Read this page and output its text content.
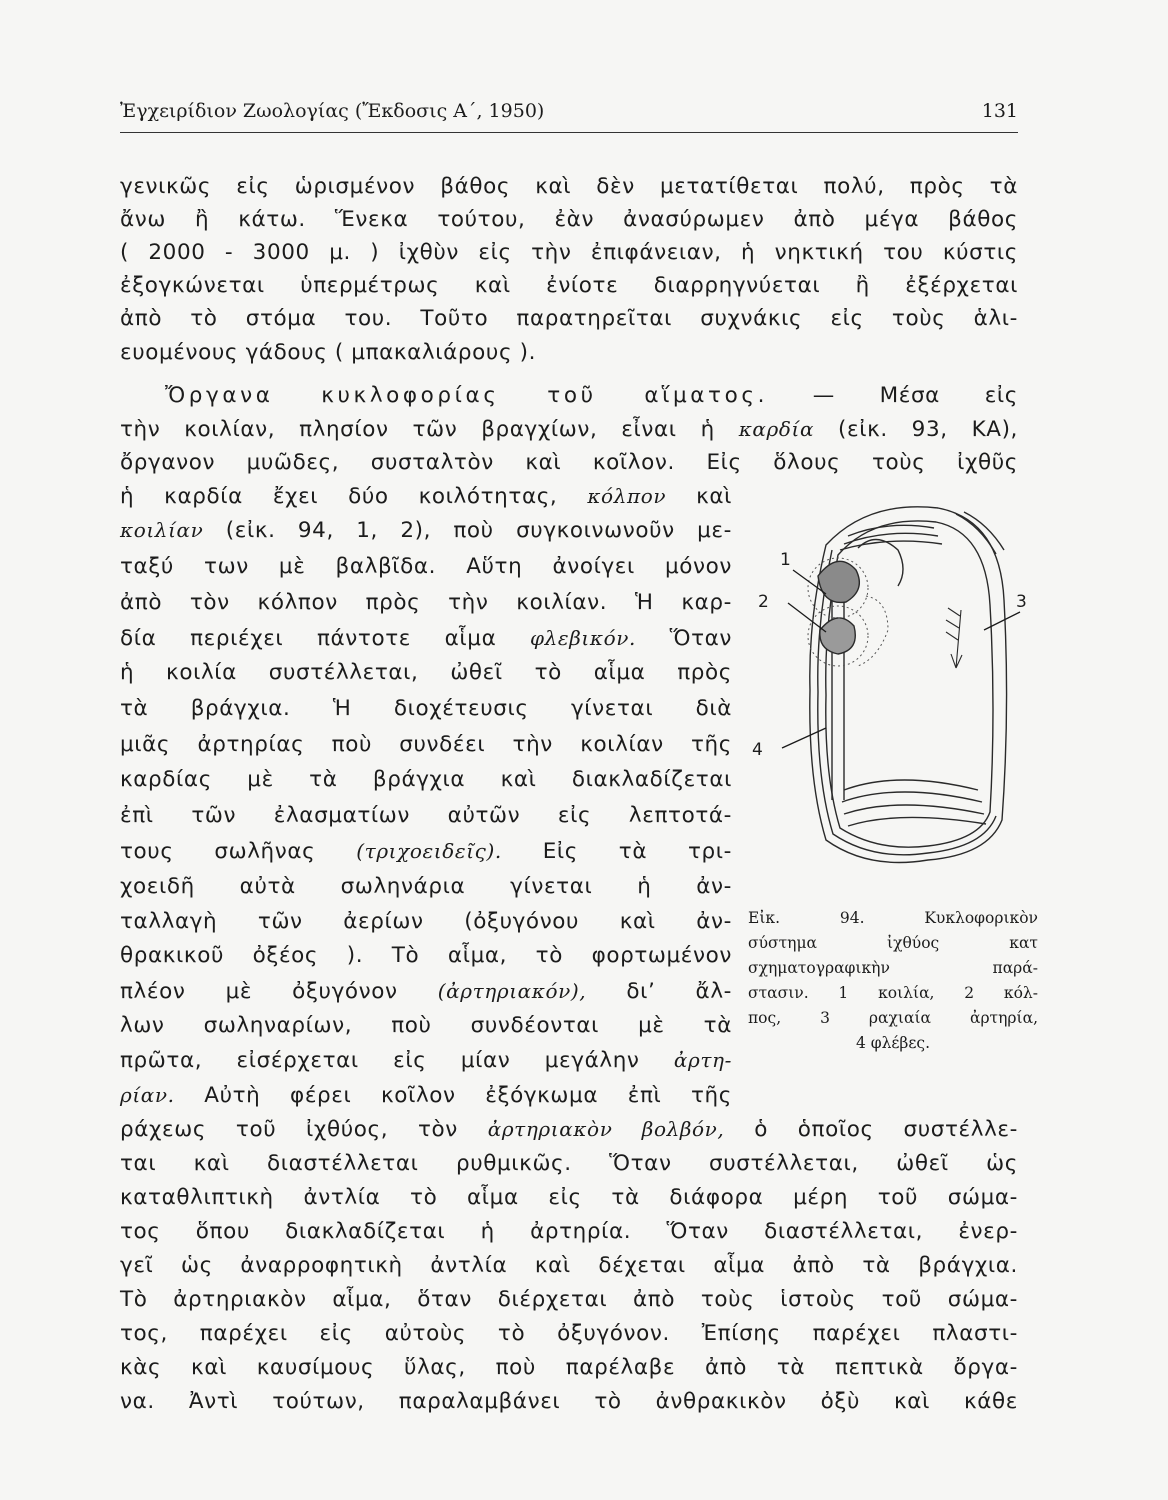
Ἐγχειρίδιον Ζωολογίας (Ἔκδοσις Α΄, 1950)	131
γενικῶς εἰς ὡρισμένον βάθος καὶ δὲν μετατίθεται πολύ, πρὸς τὰ
ἄνω ἢ κάτω. Ἕνεκα τούτου, ἐὰν ἀνασύρωμεν ἀπὸ μέγα βάθος
( 2000 - 3000 μ. ) ἰχθὺν εἰς τὴν ἐπιφάνειαν, ἡ νηκτική του κύστις
ἐξογκώνεται ὑπερμέτρως καὶ ἐνίοτε διαρρηγνύεται ἢ ἐξέρχεται
ἀπὸ τὸ στόμα του. Τοῦτο παρατηρεῖται συχνάκις εἰς τοὺς ἁλι-
ευομένους γάδους ( μπακαλιάρους ).
Ὄργανα κυκλοφορίας τοῦ αἵματος. — Μέσα εἰς
τὴν κοιλίαν, πλησίον τῶν βραγχίων, εἶναι ἡ καρδία (εἰκ. 93, ΚΑ),
ὄργανον μυῶδες, συσταλτὸν καὶ κοῖλον. Εἰς ὅλους τοὺς ἰχθῦς
ἡ καρδία ἔχει δύο κοιλότητας, κόλπον καὶ
κοιλίαν (εἰκ. 94, 1, 2), ποὺ συγκοινωνοῦν με-
ταξύ των μὲ βαλβῖδα. Αὕτη ἀνοίγει μόνον
ἀπὸ τὸν κόλπον πρὸς τὴν κοιλίαν. Ἡ καρ-
δία περιέχει πάντοτε αἷμα φλεβικόν. Ὅταν
ἡ κοιλία συστέλλεται, ὠθεῖ τὸ αἷμα πρὸς
τὰ βράγχια. Ἡ διοχέτευσις γίνεται διὰ
μιᾶς ἀρτηρίας ποὺ συνδέει τὴν κοιλίαν τῆς
καρδίας μὲ τὰ βράγχια καὶ διακλαδίζεται
ἐπὶ τῶν ἐλασματίων αὐτῶν εἰς λεπτοτά-
τους σωλῆνας (τριχοειδεῖς). Εἰς τὰ τρι-
χοειδῆ αὐτὰ σωληνάρια γίνεται ἡ ἀν-
ταλλαγὴ τῶν ἀερίων (ὀξυγόνου καὶ ἀν-
θρακικοῦ ὀξέος ). Τὸ αἷμα, τὸ φορτωμένον
πλέον μὲ ὀξυγόνον (ἀρτηριακόν), δι’ ἄλ-
λων σωληναρίων, ποὺ συνδέονται μὲ τὰ
πρῶτα, εἰσέρχεται εἰς μίαν μεγάλην ἀρτη-
ρίαν. Αὐτὴ φέρει κοῖλον ἐξόγκωμα ἐπὶ τῆς
ράχεως τοῦ ἰχθύος, τὸν ἀρτηριακὸν βολβόν, ὁ ὁποῖος συστέλλε-
ται καὶ διαστέλλεται ρυθμικῶς. Ὅταν συστέλλεται, ὠθεῖ ὡς
καταθλιπτικὴ ἀντλία τὸ αἷμα εἰς τὰ διάφορα μέρη τοῦ σώμα-
τος ὅπου διακλαδίζεται ἡ ἀρτηρία. Ὅταν διαστέλλεται, ἐνερ-
γεῖ ὡς ἀναρροφητικὴ ἀντλία καὶ δέχεται αἷμα ἀπὸ τὰ βράγχια.
Τὸ ἀρτηριακὸν αἷμα, ὅταν διέρχεται ἀπὸ τοὺς ἱστοὺς τοῦ σώμα-
τος, παρέχει εἰς αὐτοὺς τὸ ὀξυγόνον. Ἐπίσης παρέχει πλαστι-
κὰς καὶ καυσίμους ὕλας, ποὺ παρέλαβε ἀπὸ τὰ πεπτικὰ ὄργα-
να. Ἀντὶ τούτων, παραλαμβάνει τὸ ἀνθρακικὸν ὀξὺ καὶ κάθε
1
2	3
4
Εἰκ. 94. Κυκλοφορικὸν
σύστημα ἰχθύος κατ
σχηματογραφικὴν παρά-
στασιν. 1 κοιλία, 2 κόλ-
πος, 3 ραχιαία ἀρτηρία,
4 φλέβες.
